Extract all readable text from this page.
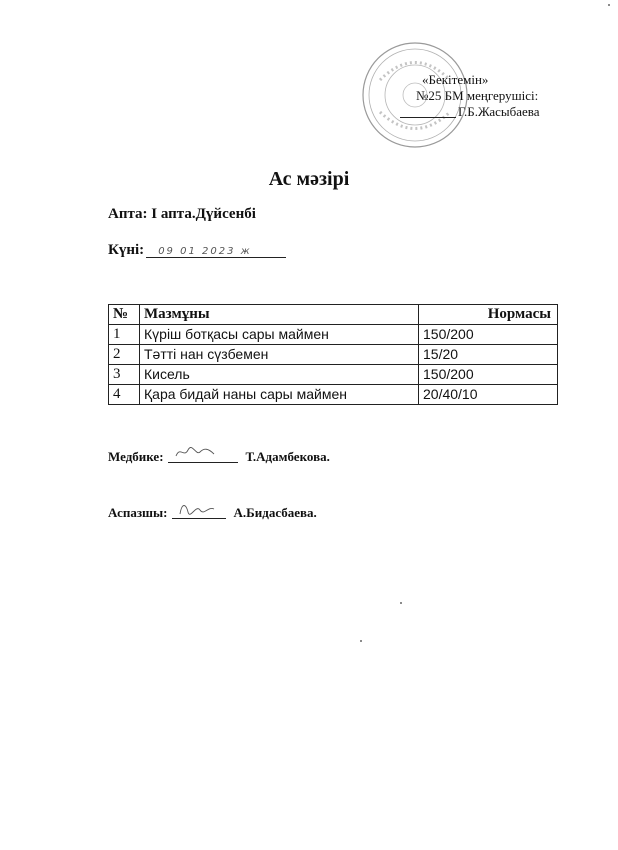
«Бекітемін»
№25 БМ меңгерушісі:
Г.Б.Жасыбаева
Ас мәзірі
Апта: І апта.Дүйсенбі
Күні: 09 01 2023 ж
№	Мазмұны	Нормасы
1	Күріш ботқасы сары маймен	150/200
2	Тәтті нан сүзбемен	15/20
3	Кисель	150/200
4	Қара бидай наны сары маймен	20/40/10
Медбике:	Т.Адамбекова.
Аспазшы:	А.Бидасбаева.
